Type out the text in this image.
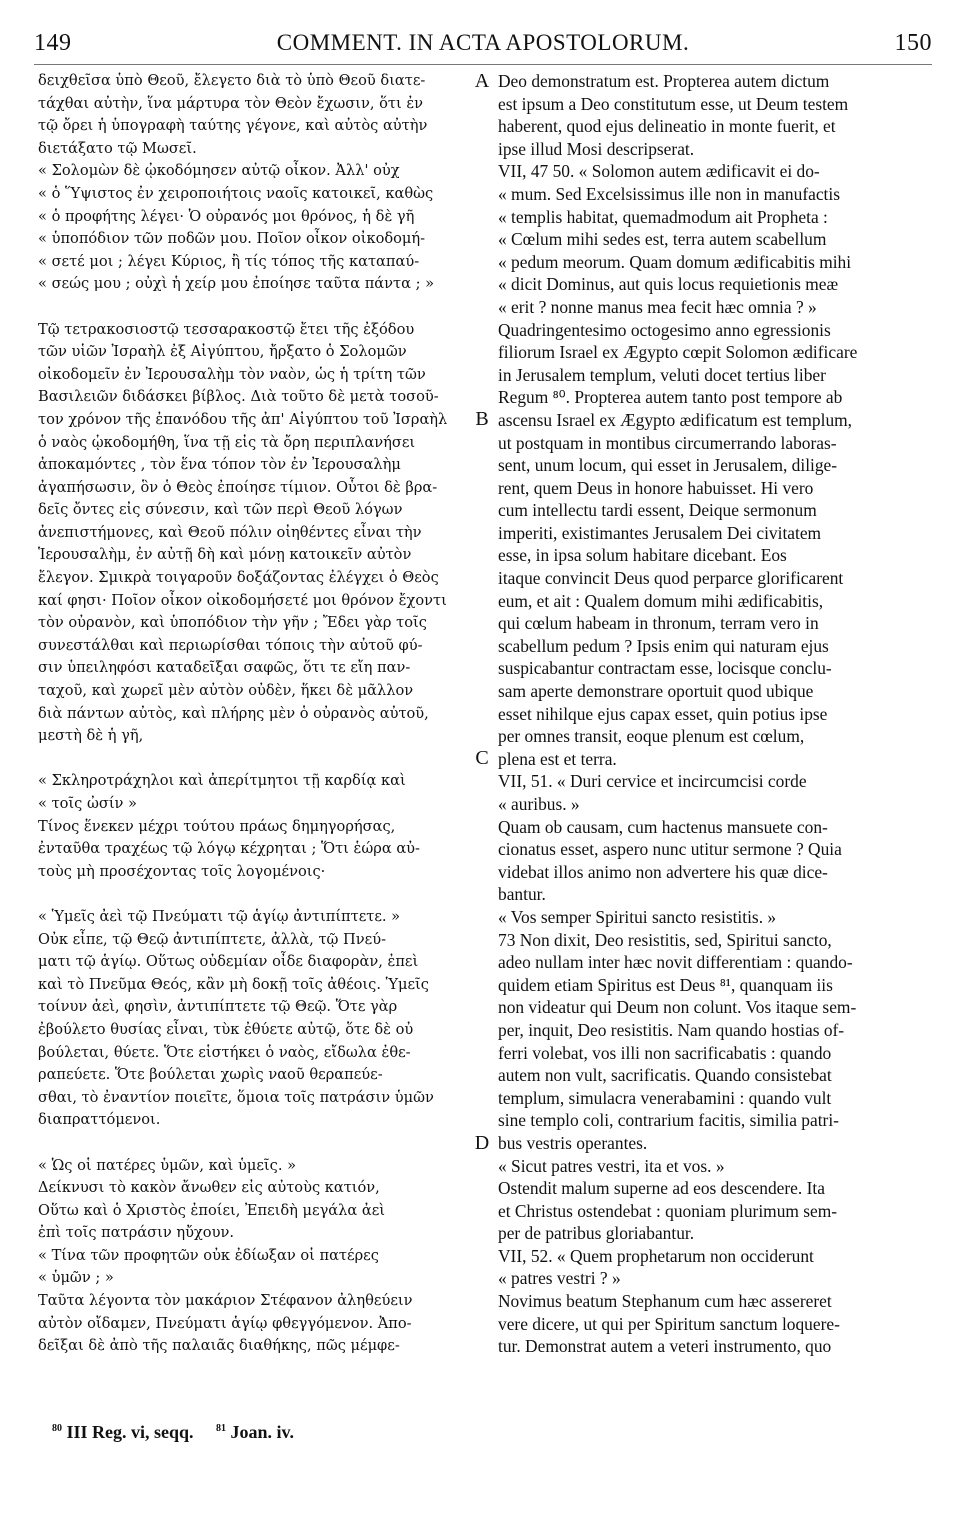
149	COMMENT. IN ACTA APOSTOLORUM.	150
δειχθεῖσα ὑπὸ Θεοῦ, ἔλεγετο διὰ τὸ ὑπὸ Θεοῦ διατε-
τάχθαι αὐτὴν, ἵνα μάρτυρα τὸν Θεὸν ἔχωσιν, ὅτι ἐν
τῷ ὄρει ἡ ὑπογραφὴ ταύτης γέγονε, καὶ αὐτὸς αὐτὴν
διετάξατο τῷ Μωσεῖ.
« Σολομὼν δὲ ᾠκοδόμησεν αὐτῷ οἶκον. Ἀλλ' οὐχ
« ὁ Ὕψιστος ἐν χειροποιήτοις ναοῖς κατοικεῖ, καθὼς
« ὁ προφήτης λέγει· Ὁ οὐρανός μοι θρόνος, ἡ δὲ γῆ
« ὑποπόδιον τῶν ποδῶν μου. Ποῖον οἶκον οἰκοδομή-
« σετέ μοι ; λέγει Κύριος, ἢ τίς τόπος τῆς καταπαύ-
« σεώς μου ; οὐχὶ ἡ χείρ μου ἐποίησε ταῦτα πάντα ; »
Τῷ τετρακοσιοστῷ τεσσαρακοστῷ ἔτει τῆς ἐξόδου
τῶν υἱῶν Ἰσραὴλ ἐξ Αἰγύπτου, ἤρξατο ὁ Σολομῶν
οἰκοδομεῖν ἐν Ἰερουσαλὴμ τὸν ναὸν, ὡς ἡ τρίτη τῶν
Βασιλειῶν διδάσκει βίβλος. Διὰ τοῦτο δὲ μετὰ τοσοῦ-
τον χρόνον τῆς ἐπανόδου τῆς ἀπ' Αἰγύπτου τοῦ Ἰσραὴλ
ὁ ναὸς ᾠκοδομήθη, ἵνα τῇ εἰς τὰ ὄρη περιπλανήσει
ἀποκαμόντες , τὸν ἕνα τόπον τὸν ἐν Ἰερουσαλὴμ
ἀγαπήσωσιν, ὃν ὁ Θεὸς ἐποίησε τίμιον. Οὗτοι δὲ βρα-
δεῖς ὄντες εἰς σύνεσιν, καὶ τῶν περὶ Θεοῦ λόγων
ἀνεπιστήμονες, καὶ Θεοῦ πόλιν οἰηθέντες εἶναι τὴν
Ἱερουσαλὴμ, ἐν αὐτῇ δὴ καὶ μόνῃ κατοικεῖν αὐτὸν
ἔλεγον. Σμικρὰ τοιγαροῦν δοξάζοντας ἐλέγχει ὁ Θεὸς
καί φησι· Ποῖον οἶκον οἰκοδομήσετέ μοι θρόνον ἔχοντι
τὸν οὐρανὸν, καὶ ὑποπόδιον τὴν γῆν ; Ἔδει γὰρ τοῖς
συνεστάλθαι καὶ περιωρίσθαι τόποις τὴν αὐτοῦ φύ-
σιν ὑπειληφόσι καταδεῖξαι σαφῶς, ὅτι τε εἴη παν-
ταχοῦ, καὶ χωρεῖ μὲν αὐτὸν οὐδὲν, ἥκει δὲ μᾶλλον
διὰ πάντων αὐτὸς, καὶ πλήρης μὲν ὁ οὐρανὸς αὐτοῦ,
μεστὴ δὲ ἡ γῆ,
« Σκληροτράχηλοι καὶ ἀπερίτμητοι τῇ καρδίᾳ καὶ
« τοῖς ὠσίν »
Τίνος ἕνεκεν μέχρι τούτου πράως δημηγορήσας,
ἐνταῦθα τραχέως τῷ λόγῳ κέχρηται ; Ὅτι ἑώρα αὐ-
τοὺς μὴ προσέχοντας τοῖς λογομένοις·
« Ὑμεῖς ἀεὶ τῷ Πνεύματι τῷ ἁγίῳ ἀντιπίπτετε. »
Οὐκ εἶπε, τῷ Θεῷ ἀντιπίπτετε, ἀλλὰ, τῷ Πνεύ-
ματι τῷ ἁγίῳ. Οὕτως οὐδεμίαν οἶδε διαφορὰν, ἐπεὶ
καὶ τὸ Πνεῦμα Θεός, κἂν μὴ δοκῇ τοῖς ἀθέοις. Ὑμεῖς
τοίνυν ἀεὶ, φησὶν, ἀντιπίπτετε τῷ Θεῷ. Ὅτε γὰρ
ἐβούλετο θυσίας εἶναι, τὺκ ἐθύετε αὐτῷ, ὅτε δὲ οὐ
βούλεται, θύετε. Ὅτε εἱστήκει ὁ ναὸς, εἴδωλα ἐθε-
ραπεύετε. Ὅτε βούλεται χωρὶς ναοῦ θεραπεύε-
σθαι, τὸ ἐναντίον ποιεῖτε, ὅμοια τοῖς πατράσιν ὑμῶν
διαπραττόμενοι.
« Ὡς οἱ πατέρες ὑμῶν, καὶ ὑμεῖς. »
Δείκνυσι τὸ κακὸν ἄνωθεν εἰς αὐτοὺς κατιόν,
Οὕτω καὶ ὁ Χριστὸς ἐποίει, Ἐπειδὴ μεγάλα ἀεὶ
ἐπὶ τοῖς πατράσιν ηὔχουν.
« Τίνα τῶν προφητῶν οὐκ ἐδίωξαν οἱ πατέρες
« ὑμῶν ; »
Ταῦτα λέγοντα τὸν μακάριον Στέφανον ἀληθεύειν
αὐτὸν οἴδαμεν, Πνεύματι ἁγίῳ φθεγγόμενον. Ἀπο-
δεῖξαι δὲ ἀπὸ τῆς παλαιᾶς διαθήκης, πῶς μέμφε-
A
B
C
D
Deo demonstratum est. Propterea autem dictum
est ipsum a Deo constitutum esse, ut Deum testem
haberent, quod ejus delineatio in monte fuerit, et
ipse illud Mosi descripserat.
VII, 47 50. « Solomon autem ædificavit ei do-
« mum. Sed Excelsissimus ille non in manufactis
« templis habitat, quemadmodum ait Propheta :
« Cœlum mihi sedes est, terra autem scabellum
« pedum meorum. Quam domum ædificabitis mihi
« dicit Dominus, aut quis locus requietionis meæ
« erit ? nonne manus mea fecit hæc omnia ? »
Quadringentesimo octogesimo anno egressionis
filiorum Israel ex Ægypto cœpit Solomon ædificare
in Jerusalem templum, veluti docet tertius liber
Regum ⁸⁰. Propterea autem tanto post tempore ab
ascensu Israel ex Ægypto ædificatum est templum,
ut postquam in montibus circumerrando laboras-
sent, unum locum, qui esset in Jerusalem, dilige-
rent, quem Deus in honore habuisset. Hi vero
cum intellectu tardi essent, Deique sermonum
imperiti, existimantes Jerusalem Dei civitatem
esse, in ipsa solum habitare dicebant. Eos
itaque convincit Deus quod perparce glorificarent
eum, et ait : Qualem domum mihi ædificabitis,
qui cœlum habeam in thronum, terram vero in
scabellum pedum ? Ipsis enim qui naturam ejus
suspicabantur contractam esse, locisque conclu-
sam aperte demonstrare oportuit quod ubique
esset nihilque ejus capax esset, quin potius ipse
per omnes transit, eoque plenum est cœlum,
plena est et terra.
VII, 51. « Duri cervice et incircumcisi corde
« auribus. »
Quam ob causam, cum hactenus mansuete con-
cionatus esset, aspero nunc utitur sermone ? Quia
videbat illos animo non advertere his quæ dice-
bantur.
« Vos semper Spiritui sancto resistitis. »
73 Non dixit, Deo resistitis, sed, Spiritui sancto,
adeo nullam inter hæc novit differentiam : quando-
quidem etiam Spiritus est Deus ⁸¹, quanquam iis
non videatur qui Deum non colunt. Vos itaque sem-
per, inquit, Deo resistitis. Nam quando hostias of-
ferri volebat, vos illi non sacrificabatis : quando
autem non vult, sacrificatis. Quando consistebat
templum, simulacra venerabamini : quando vult
sine templo coli, contrarium facitis, similia patri-
bus vestris operantes.
« Sicut patres vestri, ita et vos. »
Ostendit malum superne ad eos descendere. Ita
et Christus ostendebat : quoniam plurimum sem-
per de patribus gloriabantur.
VII, 52. « Quem prophetarum non occiderunt
« patres vestri ? »
Novimus beatum Stephanum cum hæc assereret
vere dicere, ut qui per Spiritum sanctum loquere-
tur. Demonstrat autem a veteri instrumento, quo
$^{80}$ III Reg. vi, seqq. $^{81}$ Joan. iv.
